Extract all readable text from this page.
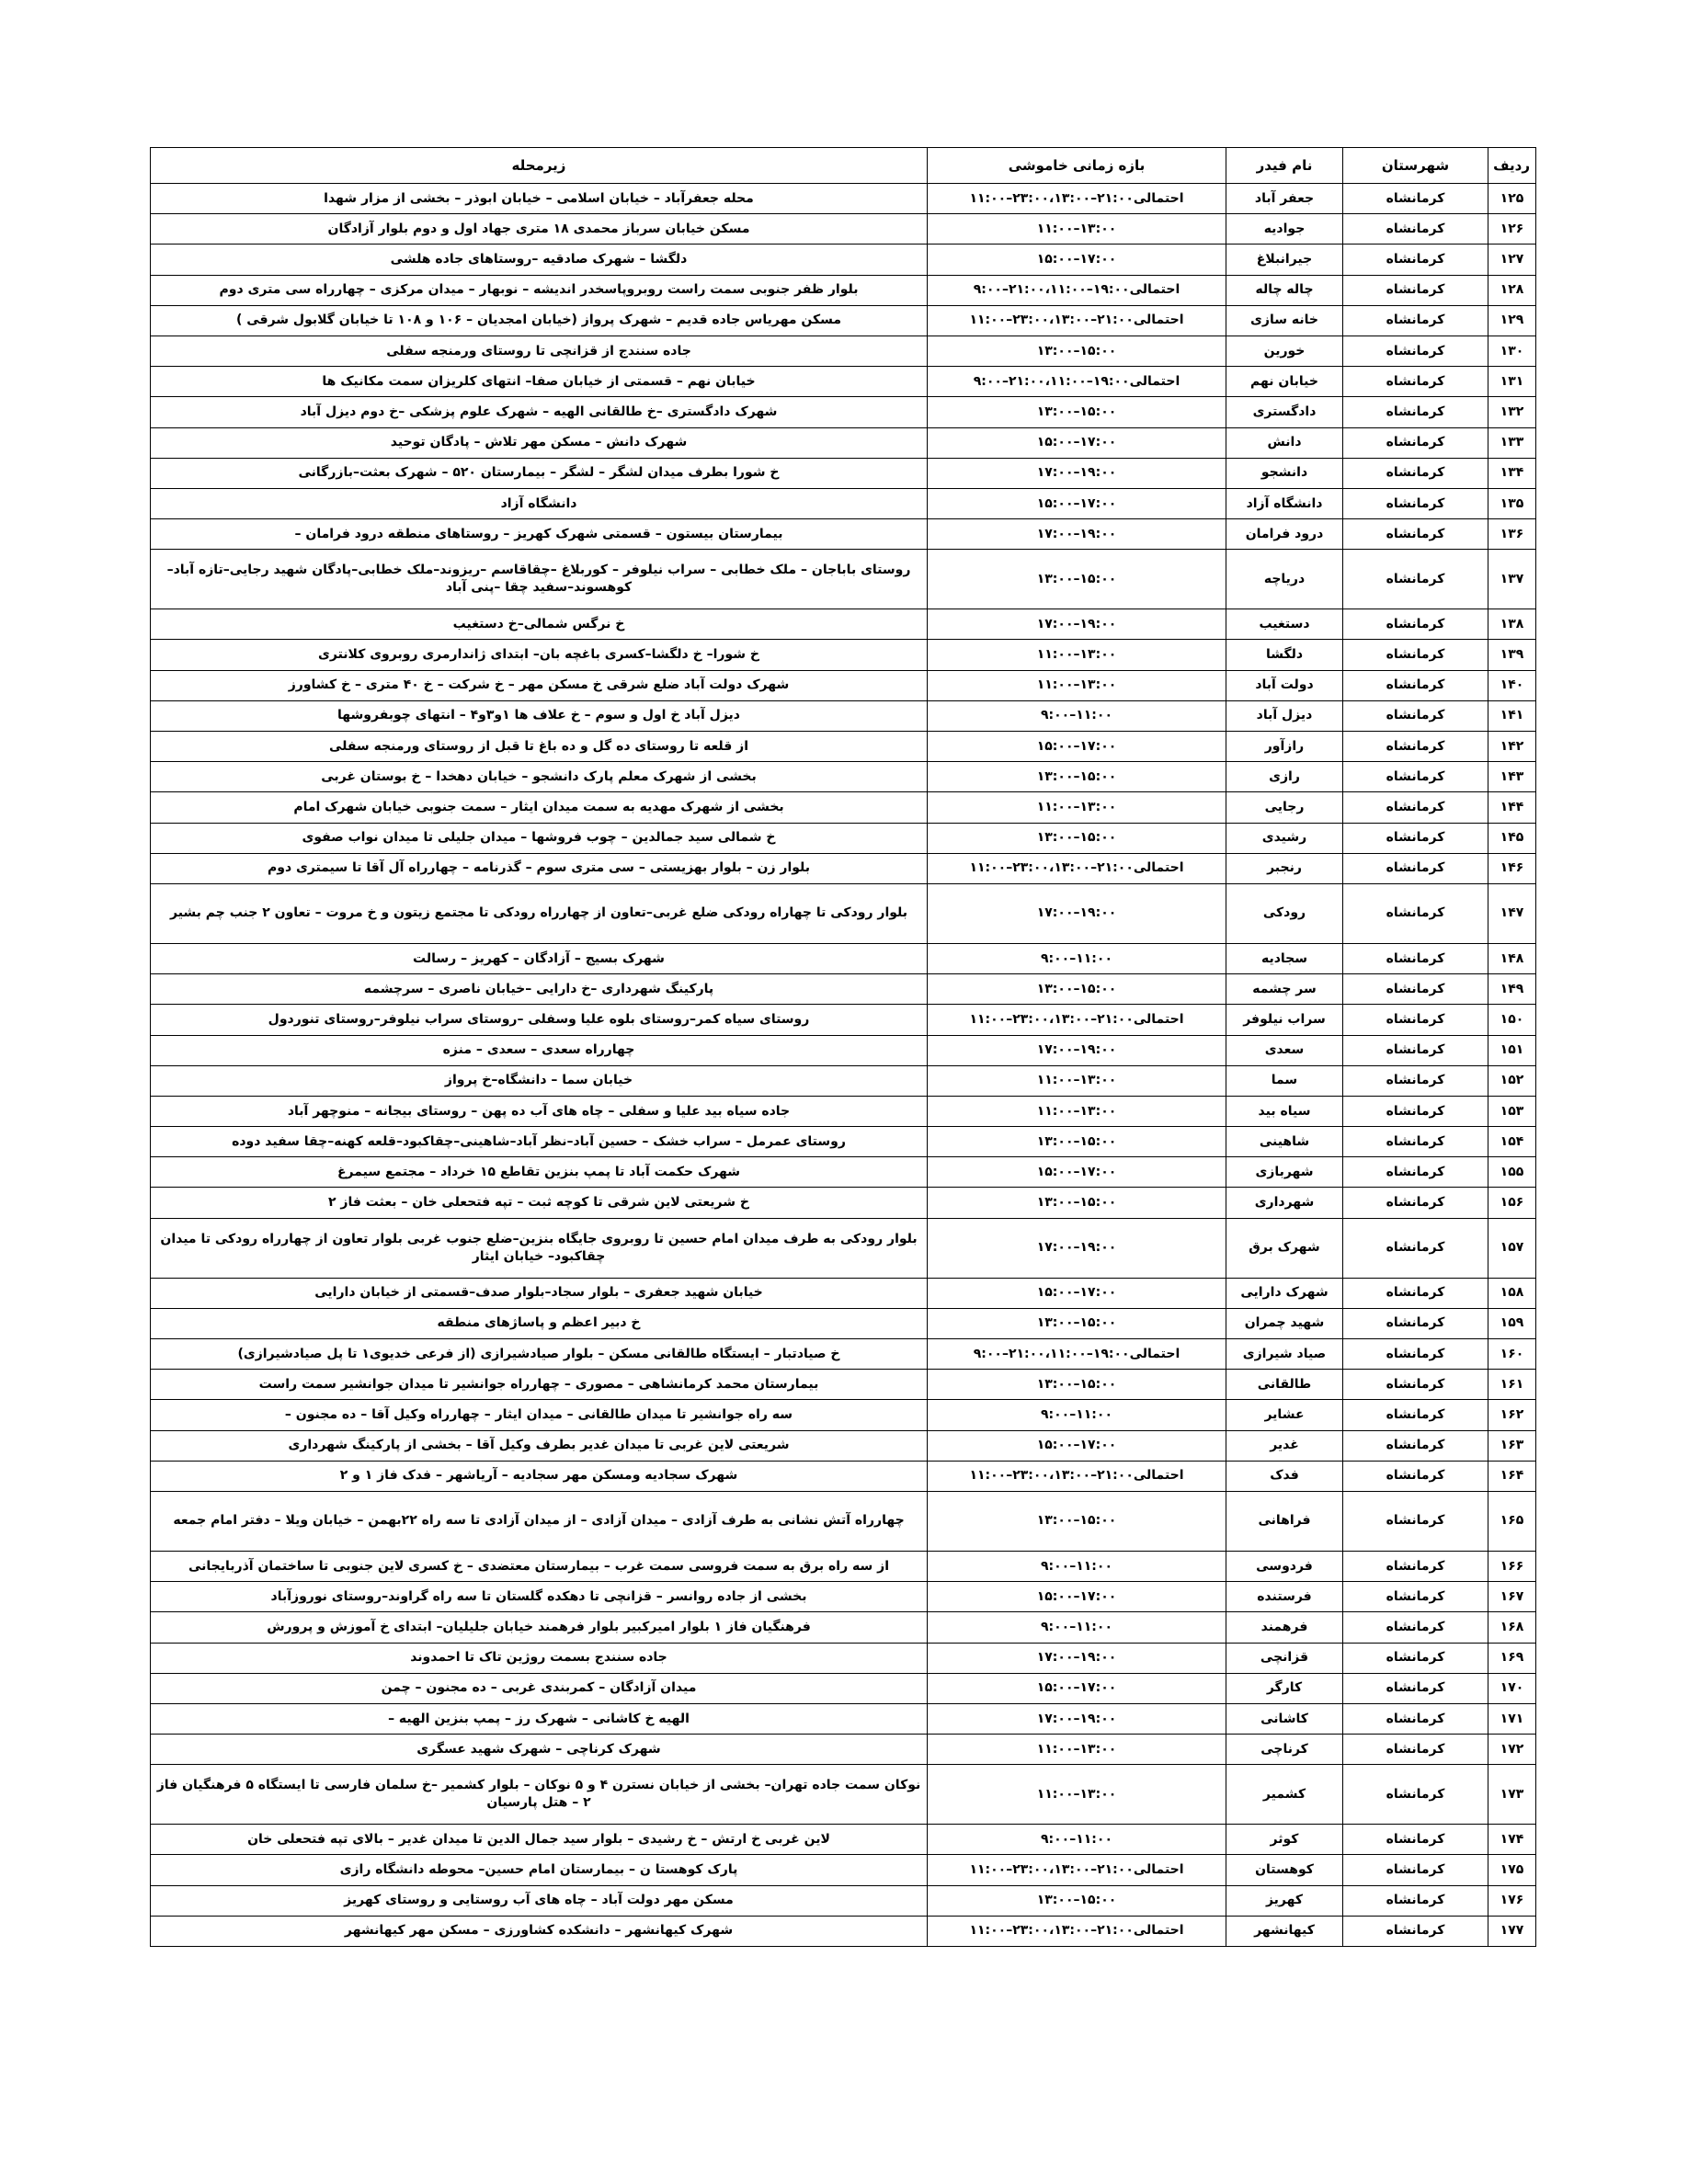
ردیف	شهرستان	نام فیدر	بازه زمانی خاموشی	زیرمحله
۱۲۵	کرمانشاه	جعفر آباد	احتمالی۲۱:۰۰–۲۳:۰۰،۱۳:۰۰–۱۱:۰۰	محله جعفرآباد – خیابان اسلامی – خیابان ابوذر – بخشی از مزار شهدا
۱۲۶	کرمانشاه	جوادیه	۱۳:۰۰–۱۱:۰۰	مسکن خیابان سرباز محمدی ۱۸ متری جهاد اول و دوم بلوار آزادگان
۱۲۷	کرمانشاه	جیرانبلاغ	۱۷:۰۰–۱۵:۰۰	دلگشا – شهرک صادقیه –روستاهای جاده هلشی
۱۲۸	کرمانشاه	چاله چاله	احتمالی۱۹:۰۰–۲۱:۰۰،۱۱:۰۰–۹:۰۰	بلوار ظفر جنوبی سمت راست روبروپاسخدر اندیشه – نوبهار – میدان مرکزی – چهارراه سی متری دوم
۱۲۹	کرمانشاه	خانه سازی	احتمالی۲۱:۰۰–۲۳:۰۰،۱۳:۰۰–۱۱:۰۰	مسکن مهریاس جاده قدیم – شهرک پرواز (خیابان امجدیان – ۱۰۶ و ۱۰۸ تا خیابان گلابول شرقی )
۱۳۰	کرمانشاه	خورین	۱۵:۰۰–۱۳:۰۰	جاده سنندج از قزانچی تا روستای ورمنجه سفلی
۱۳۱	کرمانشاه	خیابان نهم	احتمالی۱۹:۰۰–۲۱:۰۰،۱۱:۰۰–۹:۰۰	خیابان نهم – قسمتی از خیابان صفا– انتهای کلریزان سمت مکانیک ها
۱۳۲	کرمانشاه	دادگستری	۱۵:۰۰–۱۳:۰۰	شهرک دادگستری –خ طالقانی الهیه – شهرک علوم پزشکی –خ دوم دیزل آباد
۱۳۳	کرمانشاه	دانش	۱۷:۰۰–۱۵:۰۰	شهرک دانش – مسکن مهر تلاش – پادگان توحید
۱۳۴	کرمانشاه	دانشجو	۱۹:۰۰–۱۷:۰۰	خ شورا بطرف میدان لشگر – لشگر – بیمارستان ۵۲۰ – شهرک بعثت–بازرگانی
۱۳۵	کرمانشاه	دانشگاه آزاد	۱۷:۰۰–۱۵:۰۰	دانشگاه آزاد
۱۳۶	کرمانشاه	درود فرامان	۱۹:۰۰–۱۷:۰۰	بیمارستان بیستون – قسمتی شهرک کهریز – روستاهای منطقه درود فرامان –
۱۳۷	کرمانشاه	دریاچه	۱۵:۰۰–۱۳:۰۰	روستای باباجان – ملک خطابی – سراب نیلوفر – کوربلاغ –چقاقاسم –ریزوند–ملک خطابی–پادگان شهید رجایی–تازه آباد– کوهسوند–سفید چقا –پنی آباد
۱۳۸	کرمانشاه	دستغیب	۱۹:۰۰–۱۷:۰۰	خ نرگس شمالی–خ دستغیب
۱۳۹	کرمانشاه	دلگشا	۱۳:۰۰–۱۱:۰۰	خ شورا– خ دلگشا–کسری باغچه بان– ابتدای ژاندارمری روبروی کلانتری
۱۴۰	کرمانشاه	دولت آباد	۱۳:۰۰–۱۱:۰۰	شهرک دولت آباد ضلع شرقی خ مسکن مهر – خ شرکت – خ ۴۰ متری – خ کشاورز
۱۴۱	کرمانشاه	دیزل آباد	۱۱:۰۰–۹:۰۰	دیزل آباد خ اول و سوم – خ علاف ها ۱و۳و۴ – انتهای چوبفروشها
۱۴۲	کرمانشاه	رازآور	۱۷:۰۰–۱۵:۰۰	از قلعه تا روستای ده گل و ده باغ تا قبل از روستای ورمنجه سفلی
۱۴۳	کرمانشاه	رازی	۱۵:۰۰–۱۳:۰۰	بخشی از شهرک معلم پارک دانشجو – خیابان دهخدا – خ بوستان غربی
۱۴۴	کرمانشاه	رجایی	۱۳:۰۰–۱۱:۰۰	بخشی از شهرک مهدیه به سمت میدان ایثار – سمت جنوبی خیابان شهرک امام
۱۴۵	کرمانشاه	رشیدی	۱۵:۰۰–۱۳:۰۰	خ شمالی سید جمالدین – چوب فروشها – میدان جلیلی تا میدان نواب صفوی
۱۴۶	کرمانشاه	رنجبر	احتمالی۲۱:۰۰–۲۳:۰۰،۱۳:۰۰–۱۱:۰۰	بلوار زن – بلوار بهزیستی – سی متری سوم – گذرنامه – چهارراه آل آقا تا سیمتری دوم
۱۴۷	کرمانشاه	رودکی	۱۹:۰۰–۱۷:۰۰	بلوار رودکی تا چهاراه رودکی ضلع غربی–تعاون از چهارراه رودکی تا مجتمع زیتون و خ مروت – تعاون ۲ جنب چم بشیر
۱۴۸	کرمانشاه	سجادیه	۱۱:۰۰–۹:۰۰	شهرک بسیج – آزادگان – کهریز – رسالت
۱۴۹	کرمانشاه	سر چشمه	۱۵:۰۰–۱۳:۰۰	پارکینگ شهرداری –خ دارایی –خیابان ناصری – سرچشمه
۱۵۰	کرمانشاه	سراب نیلوفر	احتمالی۲۱:۰۰–۲۳:۰۰،۱۳:۰۰–۱۱:۰۰	روستای سیاه کمر–روستای بلوه علیا وسفلی –روستای سراب نیلوفر–روستای تنوردول
۱۵۱	کرمانشاه	سعدی	۱۹:۰۰–۱۷:۰۰	چهارراه سعدی – سعدی – منزه
۱۵۲	کرمانشاه	سما	۱۳:۰۰–۱۱:۰۰	خیابان سما – دانشگاه–خ پرواز
۱۵۳	کرمانشاه	سیاه بید	۱۳:۰۰–۱۱:۰۰	جاده سیاه بید علیا و سفلی – چاه های آب ده پهن – روستای بیجانه – منوچهر آباد
۱۵۴	کرمانشاه	شاهینی	۱۵:۰۰–۱۳:۰۰	روستای عمرمل – سراب خشک – حسین آباد–نظر آباد–شاهینی–چقاکبود–قلعه کهنه–چقا سفید دوده
۱۵۵	کرمانشاه	شهربازی	۱۷:۰۰–۱۵:۰۰	شهرک حکمت آباد تا پمپ بنزین تقاطع ۱۵ خرداد – مجتمع سیمرغ
۱۵۶	کرمانشاه	شهرداری	۱۵:۰۰–۱۳:۰۰	خ شریعتی لاین شرقی تا کوچه ثبت – تپه فتحعلی خان – بعثت فاز ۲
۱۵۷	کرمانشاه	شهرک برق	۱۹:۰۰–۱۷:۰۰	بلوار رودکی به طرف میدان امام حسین تا روبروی جایگاه بنزین–ضلع جنوب غربی بلوار تعاون از چهارراه رودکی تا میدان چقاکبود– خیابان ایثار
۱۵۸	کرمانشاه	شهرک دارایی	۱۷:۰۰–۱۵:۰۰	خیابان شهید جعفری – بلوار سجاد–بلوار صدف–قسمتی از خیابان دارایی
۱۵۹	کرمانشاه	شهید چمران	۱۵:۰۰–۱۳:۰۰	خ دبیر اعظم و پاساژهای منطقه
۱۶۰	کرمانشاه	صیاد شیرازی	احتمالی۱۹:۰۰–۲۱:۰۰،۱۱:۰۰–۹:۰۰	خ صیادتبار – ایستگاه طالقانی مسکن – بلوار صیادشیرازی (از فرعی خدیوی۱ تا پل صیادشیرازی)
۱۶۱	کرمانشاه	طالقانی	۱۵:۰۰–۱۳:۰۰	بیمارستان محمد کرمانشاهی – مصوری – چهارراه جوانشیر تا میدان جوانشیر سمت راست
۱۶۲	کرمانشاه	عشایر	۱۱:۰۰–۹:۰۰	سه راه جوانشیر تا میدان طالقانی – میدان ایثار – چهارراه وکیل آقا – ده مجنون –
۱۶۳	کرمانشاه	غدیر	۱۷:۰۰–۱۵:۰۰	شریعتی لاین غربی تا میدان غدیر بطرف وکیل آقا – بخشی از پارکینگ شهرداری
۱۶۴	کرمانشاه	فدک	احتمالی۲۱:۰۰–۲۳:۰۰،۱۳:۰۰–۱۱:۰۰	شهرک سجادیه ومسکن مهر سجادیه – آریاشهر – فدک فاز ۱ و ۲
۱۶۵	کرمانشاه	فراهانی	۱۵:۰۰–۱۳:۰۰	چهارراه آتش نشانی به طرف آزادی – میدان آزادی – از میدان آزادی تا سه راه ۲۲بهمن – خیابان ویلا – دفتر امام جمعه
۱۶۶	کرمانشاه	فردوسی	۱۱:۰۰–۹:۰۰	از سه راه برق به سمت فروسی سمت غرب – بیمارستان معتضدی – خ کسری لاین جنوبی تا ساختمان آذربایجانی
۱۶۷	کرمانشاه	فرستنده	۱۷:۰۰–۱۵:۰۰	بخشی از جاده روانسر – قزانچی تا دهکده گلستان تا سه راه گراوند–روستای نوروزآباد
۱۶۸	کرمانشاه	فرهمند	۱۱:۰۰–۹:۰۰	فرهنگیان فاز ۱ بلوار امیرکبیر بلوار فرهمند خیابان جلیلیان– ابتدای خ آموزش و پرورش
۱۶۹	کرمانشاه	قزانچی	۱۹:۰۰–۱۷:۰۰	جاده سنندج بسمت روژین تاک تا احمدوند
۱۷۰	کرمانشاه	کارگر	۱۷:۰۰–۱۵:۰۰	میدان آزادگان – کمربندی غربی – ده مجنون – چمن
۱۷۱	کرمانشاه	کاشانی	۱۹:۰۰–۱۷:۰۰	الهیه خ کاشانی – شهرک رز – پمپ بنزین الهیه –
۱۷۲	کرمانشاه	کرناچی	۱۳:۰۰–۱۱:۰۰	شهرک کرناچی – شهرک شهید عسگری
۱۷۳	کرمانشاه	کشمیر	۱۳:۰۰–۱۱:۰۰	نوکان سمت جاده تهران– بخشی از خیابان نسترن ۴ و ۵ نوکان – بلوار کشمیر –خ سلمان فارسی تا ایستگاه ۵ فرهنگیان فاز ۲ – هتل پارسیان
۱۷۴	کرمانشاه	کوثر	۱۱:۰۰–۹:۰۰	لاین غربی خ ارتش – خ رشیدی – بلوار سید جمال الدین تا میدان غدیر – بالای تپه فتحعلی خان
۱۷۵	کرمانشاه	کوهستان	احتمالی۲۱:۰۰–۲۳:۰۰،۱۳:۰۰–۱۱:۰۰	پارک کوهستا ن – بیمارستان امام حسین– محوطه دانشگاه رازی
۱۷۶	کرمانشاه	کهریز	۱۵:۰۰–۱۳:۰۰	مسکن مهر دولت آباد – چاه های آب روستایی و روستای کهریز
۱۷۷	کرمانشاه	کیهانشهر	احتمالی۲۱:۰۰–۲۳:۰۰،۱۳:۰۰–۱۱:۰۰	شهرک کیهانشهر – دانشکده کشاورزی – مسکن مهر کیهانشهر
